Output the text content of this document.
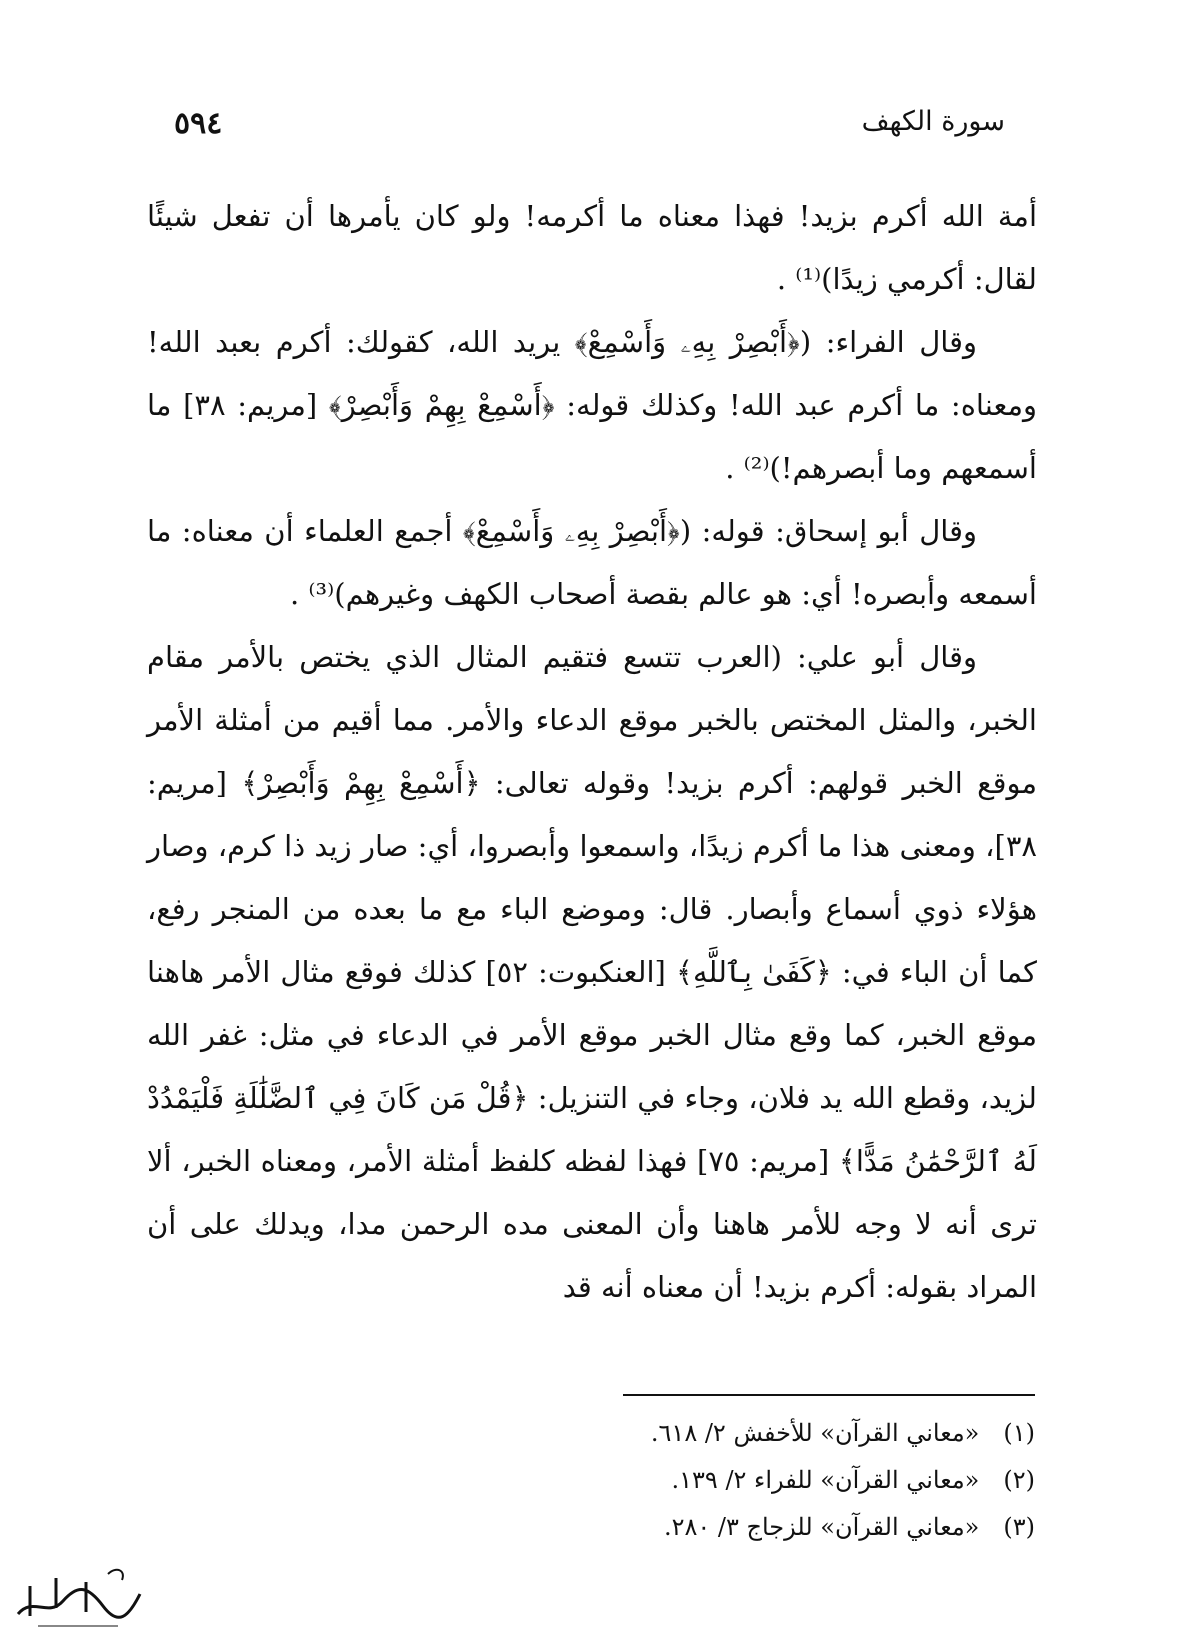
سورة الكهف
٥٩٤

أمة الله أكرم بزيد! فهذا معناه ما أكرمه! ولو كان يأمرها أن تفعل شيئًا لقال: أكرمي زيدًا)⁽¹⁾ .

وقال الفراء: (﴿أَبْصِرْ بِهِۦ وَأَسْمِعْ﴾ يريد الله، كقولك: أكرم بعبد الله! ومعناه: ما أكرم عبد الله! وكذلك قوله: ﴿أَسْمِعْ بِهِمْ وَأَبْصِرْ﴾ [مريم: ٣٨] ما أسمعهم وما أبصرهم!)⁽²⁾ .

وقال أبو إسحاق: قوله: (﴿أَبْصِرْ بِهِۦ وَأَسْمِعْ﴾ أجمع العلماء أن معناه: ما أسمعه وأبصره! أي: هو عالم بقصة أصحاب الكهف وغيرهم)⁽³⁾ .

وقال أبو علي: (العرب تتسع فتقيم المثال الذي يختص بالأمر مقام الخبر، والمثل المختص بالخبر موقع الدعاء والأمر. مما أقيم من أمثلة الأمر موقع الخبر قولهم: أكرم بزيد! وقوله تعالى: ﴿أَسْمِعْ بِهِمْ وَأَبْصِرْ﴾ [مريم: ٣٨]، ومعنى هذا ما أكرم زيدًا، واسمعوا وأبصروا، أي: صار زيد ذا كرم، وصار هؤلاء ذوي أسماع وأبصار. قال: وموضع الباء مع ما بعده من المنجر رفع، كما أن الباء في: ﴿كَفَىٰ بِٱللَّهِ﴾ [العنكبوت: ٥٢] كذلك فوقع مثال الأمر هاهنا موقع الخبر، كما وقع مثال الخبر موقع الأمر في الدعاء في مثل: غفر الله لزيد، وقطع الله يد فلان، وجاء في التنزيل: ﴿قُلْ مَن كَانَ فِي ٱلضَّلَٰلَةِ فَلْيَمْدُدْ لَهُ ٱلرَّحْمَٰنُ مَدًّا﴾ [مريم: ٧٥] فهذا لفظه كلفظ أمثلة الأمر، ومعناه الخبر، ألا ترى أنه لا وجه للأمر هاهنا وأن المعنى مده الرحمن مدا، ويدلك على أن المراد بقوله: أكرم بزيد! أن معناه أنه قد

(١) «معاني القرآن» للأخفش ٢/ ٦١٨.

(٢) «معاني القرآن» للفراء ٢/ ١٣٩.

(٣) «معاني القرآن» للزجاج ٣/ ٢٨٠.
